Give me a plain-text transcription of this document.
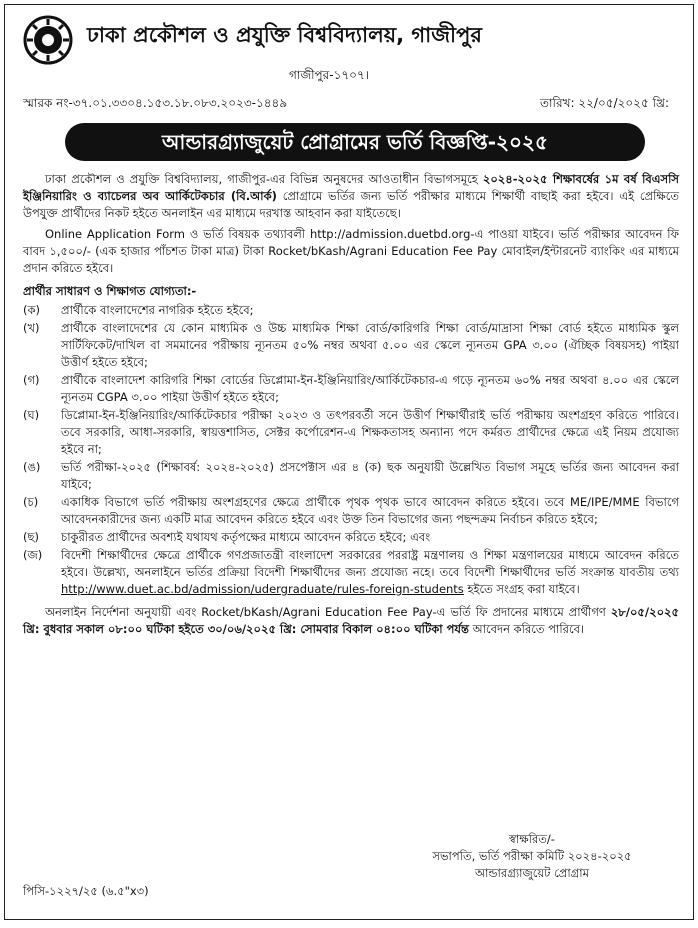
ঢাকা প্রকৌশল ও প্রযুক্তি বিশ্ববিদ্যালয়, গাজীপুর
গাজীপুর-১৭০৭।
স্মারক নং-৩৭.০১.৩৩০৪.১৫৩.১৮.০৮৩.২০২৩-১৪৪৯	তারিখ: ২২/০৫/২০২৫ খ্রি:
আন্ডারগ্র্যাজুয়েট প্রোগ্রামের ভর্তি বিজ্ঞপ্তি-২০২৫

ঢাকা প্রকৌশল ও প্রযুক্তি বিশ্ববিদ্যালয়, গাজীপুর-এর বিভিন্ন অনুষদের আওতাধীন বিভাগসমূহে ২০২৪-২০২৫ শিক্ষাবর্ষের ১ম বর্ষ বিএসসি ইঞ্জিনিয়ারিং ও ব্যাচেলর অব আর্কিটেকচার (বি.আর্ক) প্রোগ্রামে ভর্তির জন্য ভর্তি পরীক্ষার মাধ্যমে শিক্ষার্থী বাছাই করা হইবে। এই প্রেক্ষিতে উপযুক্ত প্রার্থীদের নিকট হইতে অনলাইন এর মাধ্যমে দরখাস্ত আহবান করা যাইতেছে।

Online Application Form ও ভর্তি বিষয়ক তথ্যাবলী http://admission.duetbd.org-এ পাওয়া যাইবে। ভর্তি পরীক্ষার আবেদন ফি বাবদ ১,৫০০/- (এক হাজার পাঁচশত টাকা মাত্র) টাকা Rocket/bKash/Agrani Education Fee Pay মোবাইল/ইন্টারনেট ব্যাংকিং এর মাধ্যমে প্রদান করিতে হইবে।

প্রার্থীর সাধারণ ও শিক্ষাগত যোগ্যতা:-
(ক)	প্রার্থীকে বাংলাদেশের নাগরিক হইতে হইবে;
(খ)	প্রার্থীকে বাংলাদেশের যে কোন মাধ্যমিক ও উচ্চ মাধ্যমিক শিক্ষা বোর্ড/কারিগরি শিক্ষা বোর্ড/মাদ্রাসা শিক্ষা বোর্ড হইতে মাধ্যমিক স্কুল সার্টিফিকেট/দাখিল বা সমমানের পরীক্ষায় ন্যূনতম ৫০% নম্বর অথবা ৫.০০ এর স্কেলে ন্যূনতম GPA ৩.০০ (ঐচ্ছিক বিষয়সহ) পাইয়া উত্তীর্ণ হইতে হইবে;
(গ)	প্রার্থীকে বাংলাদেশ কারিগরি শিক্ষা বোর্ডের ডিপ্লোমা-ইন-ইঞ্জিনিয়ারিং/আর্কিটেকচার-এ গড়ে ন্যূনতম ৬০% নম্বর অথবা ৪.০০ এর স্কেলে ন্যূনতম CGPA ৩.০০ পাইয়া উত্তীর্ণ হইতে হইবে;
(ঘ)	ডিপ্লোমা-ইন-ইঞ্জিনিয়ারিং/আর্কিটেকচার পরীক্ষা ২০২৩ ও তৎপরবর্তী সনে উত্তীর্ণ শিক্ষার্থীরাই ভর্তি পরীক্ষায় অংশগ্রহণ করিতে পারিবে। তবে সরকারি, আধা-সরকারি, স্বায়ত্তশাসিত, সেক্টর কর্পোরেশন-এ শিক্ষকতাসহ অন্যান্য পদে কর্মরত প্রার্থীদের ক্ষেত্রে এই নিয়ম প্রযোজ্য হইবে না;
(ঙ)	ভর্তি পরীক্ষা-২০২৫ (শিক্ষাবর্ষ: ২০২৪-২০২৫) প্রসপেক্টাস এর ৪ (ক) ছক অনুযায়ী উল্লেখিত বিভাগ সমূহে ভর্তির জন্য আবেদন করা যাইবে;
(চ)	একাধিক বিভাগে ভর্তি পরীক্ষায় অংশগ্রহণের ক্ষেত্রে প্রার্থীকে পৃথক পৃথক ভাবে আবেদন করিতে হইবে। তবে ME/IPE/MME বিভাগে আবেদনকারীদের জন্য একটি মাত্র আবেদন করিতে হইবে এবং উক্ত তিন বিভাগের জন্য পছন্দক্রম নির্বাচন করিতে হইবে;
(ছ)	চাকুরীরত প্রার্থীদের অবশ্যই যথাযথ কর্তৃপক্ষের মাধ্যমে আবেদন করিতে হইবে; এবং
(জ)	বিদেশী শিক্ষার্থীদের ক্ষেত্রে প্রার্থীকে গণপ্রজাতন্ত্রী বাংলাদেশ সরকারের পররাষ্ট্র মন্ত্রণালয় ও শিক্ষা মন্ত্রণালয়ের মাধ্যমে আবেদন করিতে হইবে। উল্লেখ্য, অনলাইনে ভর্তির প্রক্রিয়া বিদেশী শিক্ষার্থীদের জন্য প্রযোজ্য নহে। তবে বিদেশী শিক্ষার্থীদের ভর্তি সংক্রান্ত যাবতীয় তথ্য http://www.duet.ac.bd/admission/udergraduate/rules-foreign-students হইতে সংগ্রহ করা যাইবে।

অনলাইন নির্দেশনা অনুযায়ী এবং Rocket/bKash/Agrani Education Fee Pay-এ ভর্তি ফি প্রদানের মাধ্যমে প্রার্থীগণ ২৮/০৫/২০২৫ খ্রি: বুধবার সকাল ০৮:০০ ঘটিকা হইতে ৩০/০৬/২০২৫ খ্রি: সোমবার বিকাল ০৪:০০ ঘটিকা পর্যন্ত আবেদন করিতে পারিবে।

স্বাক্ষরিত/-
সভাপতি, ভর্তি পরীক্ষা কমিটি ২০২৪-২০২৫
আন্ডারগ্র্যাজুয়েট প্রোগ্রাম
পিসি-১২২৭/২৫ (৬.৫"x৩)
